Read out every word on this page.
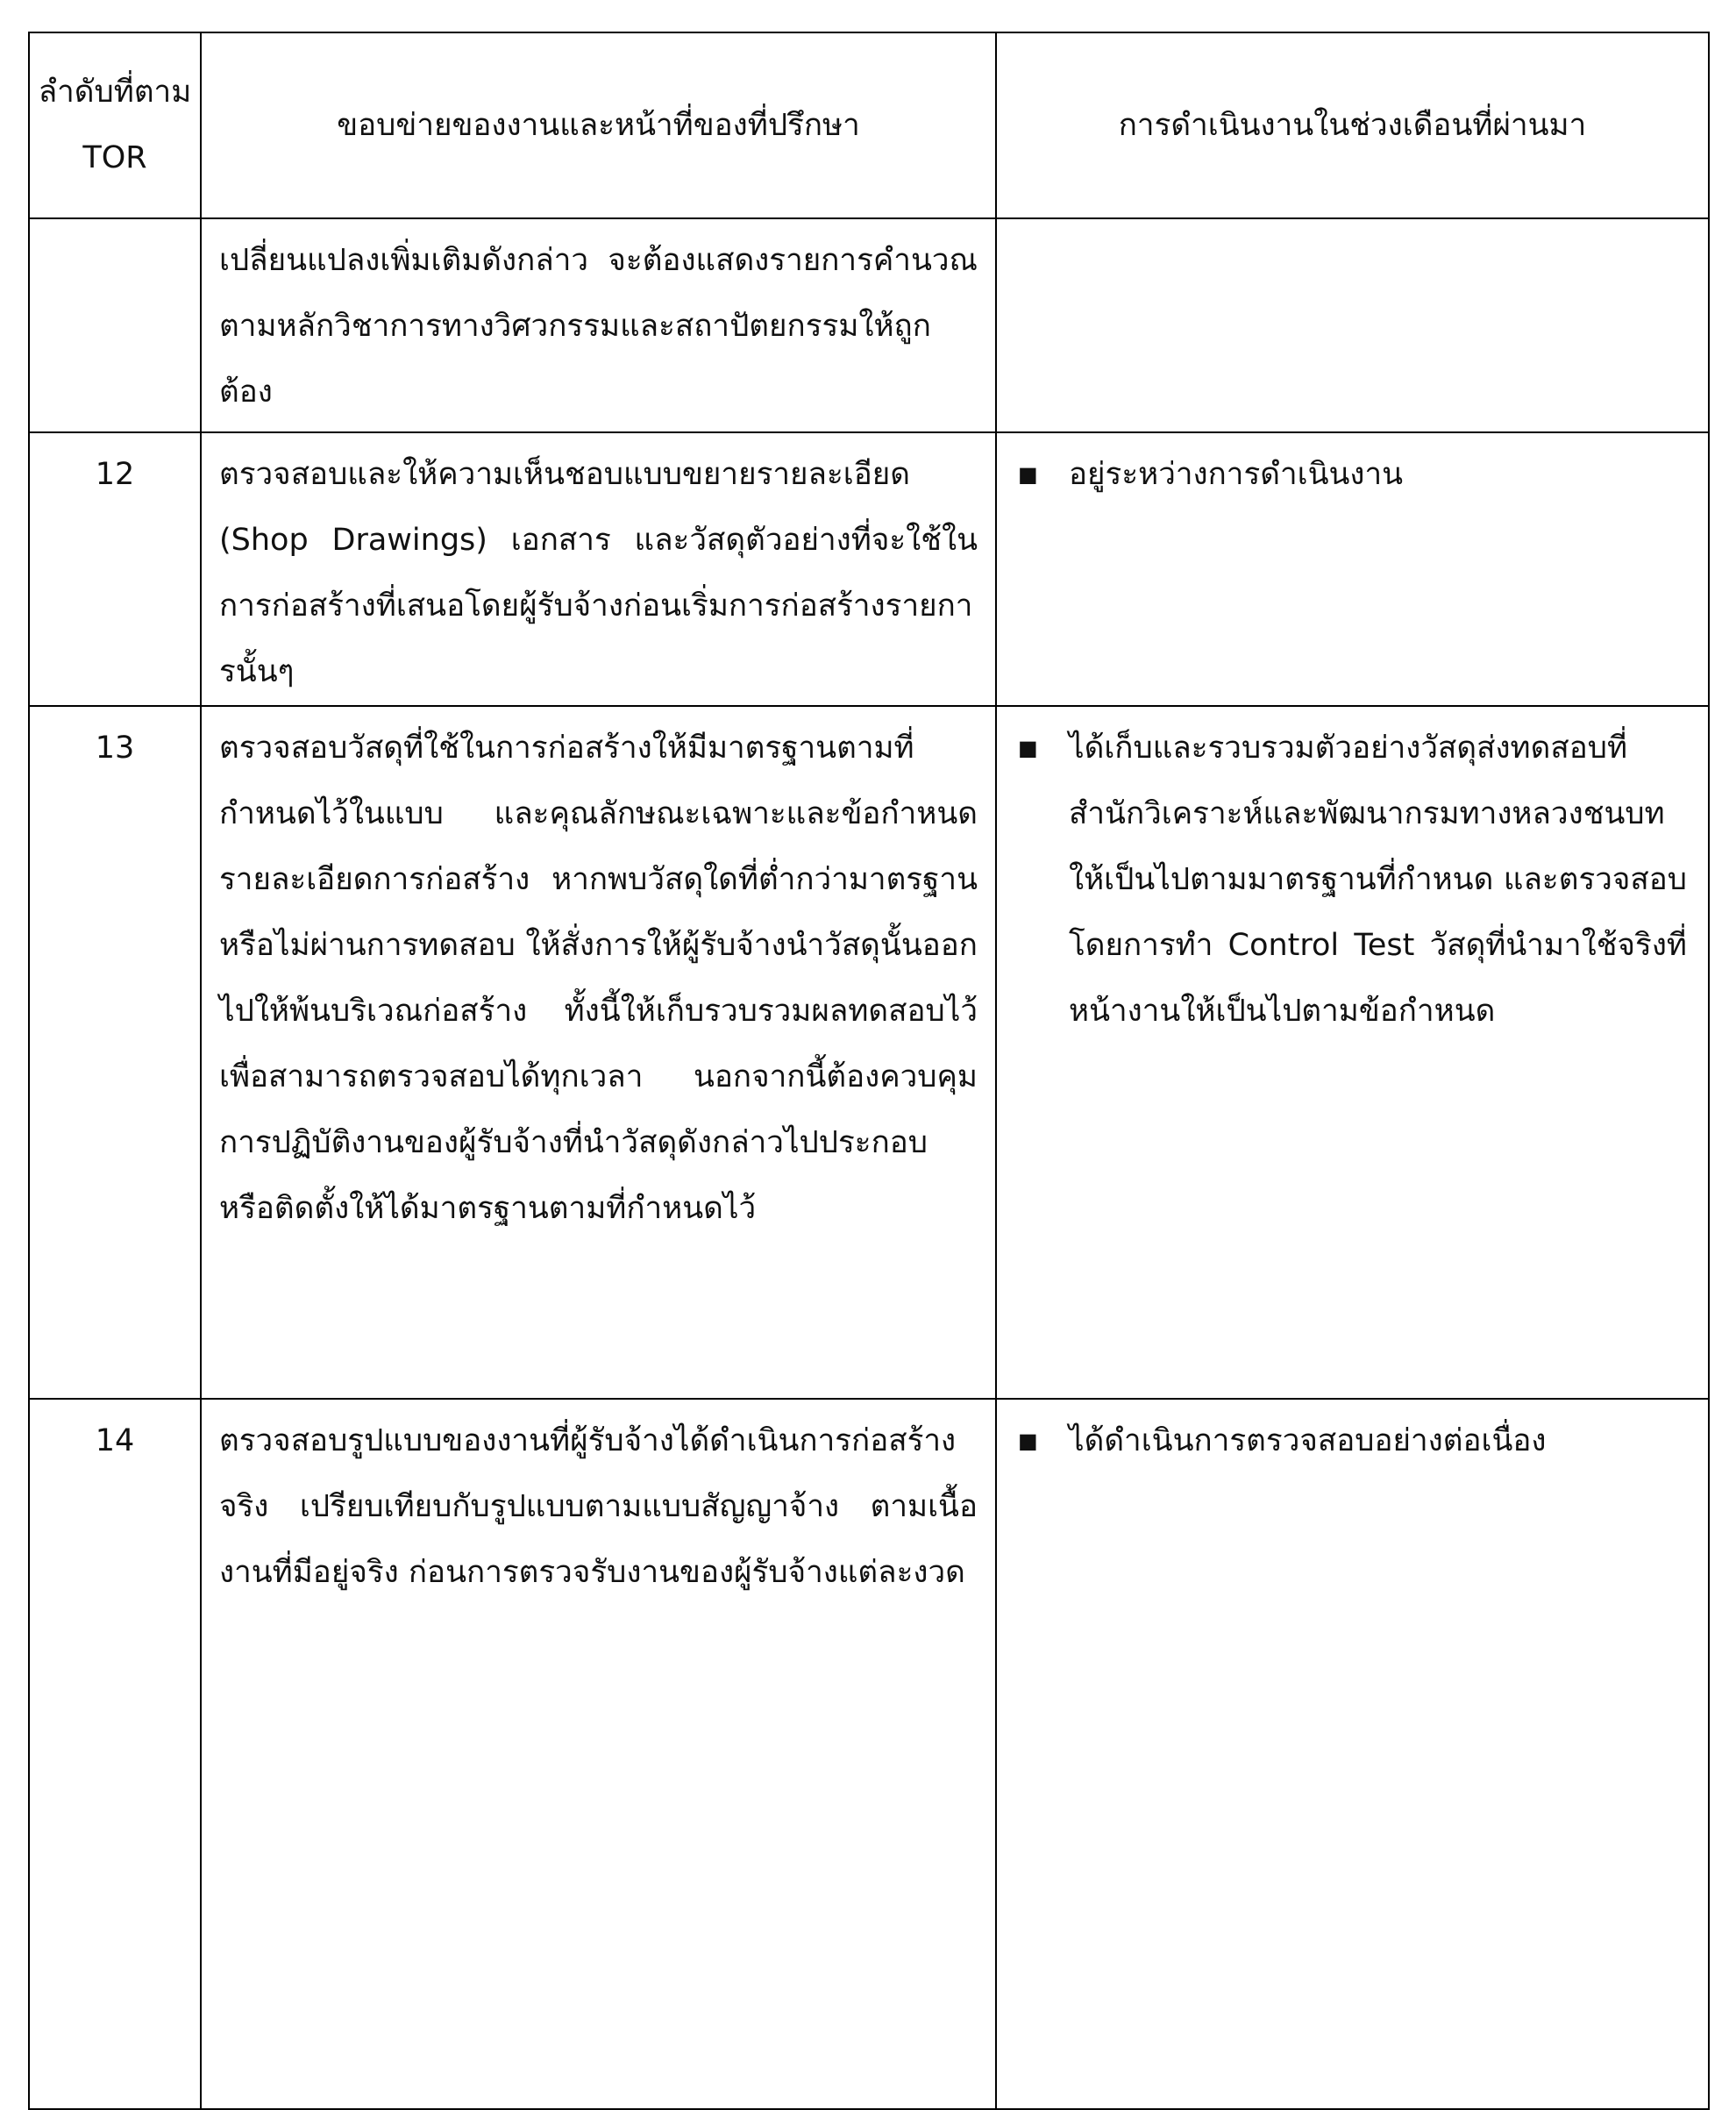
ลำดับที่ตาม TOR	ขอบข่ายของงานและหน้าที่ของที่ปรึกษา	การดำเนินงานในช่วงเดือนที่ผ่านมา
	เปลี่ยนแปลงเพิ่มเติมดังกล่าว จะต้องแสดงรายการคำนวณตามหลักวิชาการทางวิศวกรรมและสถาปัตยกรรมให้ถูกต้อง	
12	ตรวจสอบและให้ความเห็นชอบแบบขยายรายละเอียด (Shop Drawings) เอกสาร และวัสดุตัวอย่างที่จะใช้ในการก่อสร้างที่เสนอโดยผู้รับจ้างก่อนเริ่มการก่อสร้างรายการนั้นๆ	■ อยู่ระหว่างการดำเนินงาน

13	ตรวจสอบวัสดุที่ใช้ในการก่อสร้างให้มีมาตรฐานตามที่กำหนดไว้ในแบบ และคุณลักษณะเฉพาะและข้อกำหนดรายละเอียดการก่อสร้าง หากพบวัสดุใดที่ต่ำกว่ามาตรฐานหรือไม่ผ่านการทดสอบ ให้สั่งการให้ผู้รับจ้างนำวัสดุนั้นออกไปให้พ้นบริเวณก่อสร้าง ทั้งนี้ให้เก็บรวบรวมผลทดสอบไว้เพื่อสามารถตรวจสอบได้ทุกเวลา นอกจากนี้ต้องควบคุมการปฏิบัติงานของผู้รับจ้างที่นำวัสดุดังกล่าวไปประกอบ หรือติดตั้งให้ได้มาตรฐานตามที่กำหนดไว้	■ ได้เก็บและรวบรวมตัวอย่างวัสดุส่งทดสอบที่สำนักวิเคราะห์และพัฒนากรมทางหลวงชนบท ให้เป็นไปตามมาตรฐานที่กำหนด และตรวจสอบโดยการทำ Control Test วัสดุที่นำมาใช้จริงที่หน้างานให้เป็นไปตามข้อกำหนด

14	ตรวจสอบรูปแบบของงานที่ผู้รับจ้างได้ดำเนินการก่อสร้างจริง เปรียบเทียบกับรูปแบบตามแบบสัญญาจ้าง ตามเนื้องานที่มีอยู่จริง ก่อนการตรวจรับงานของผู้รับจ้างแต่ละงวด	■ ได้ดำเนินการตรวจสอบอย่างต่อเนื่อง
